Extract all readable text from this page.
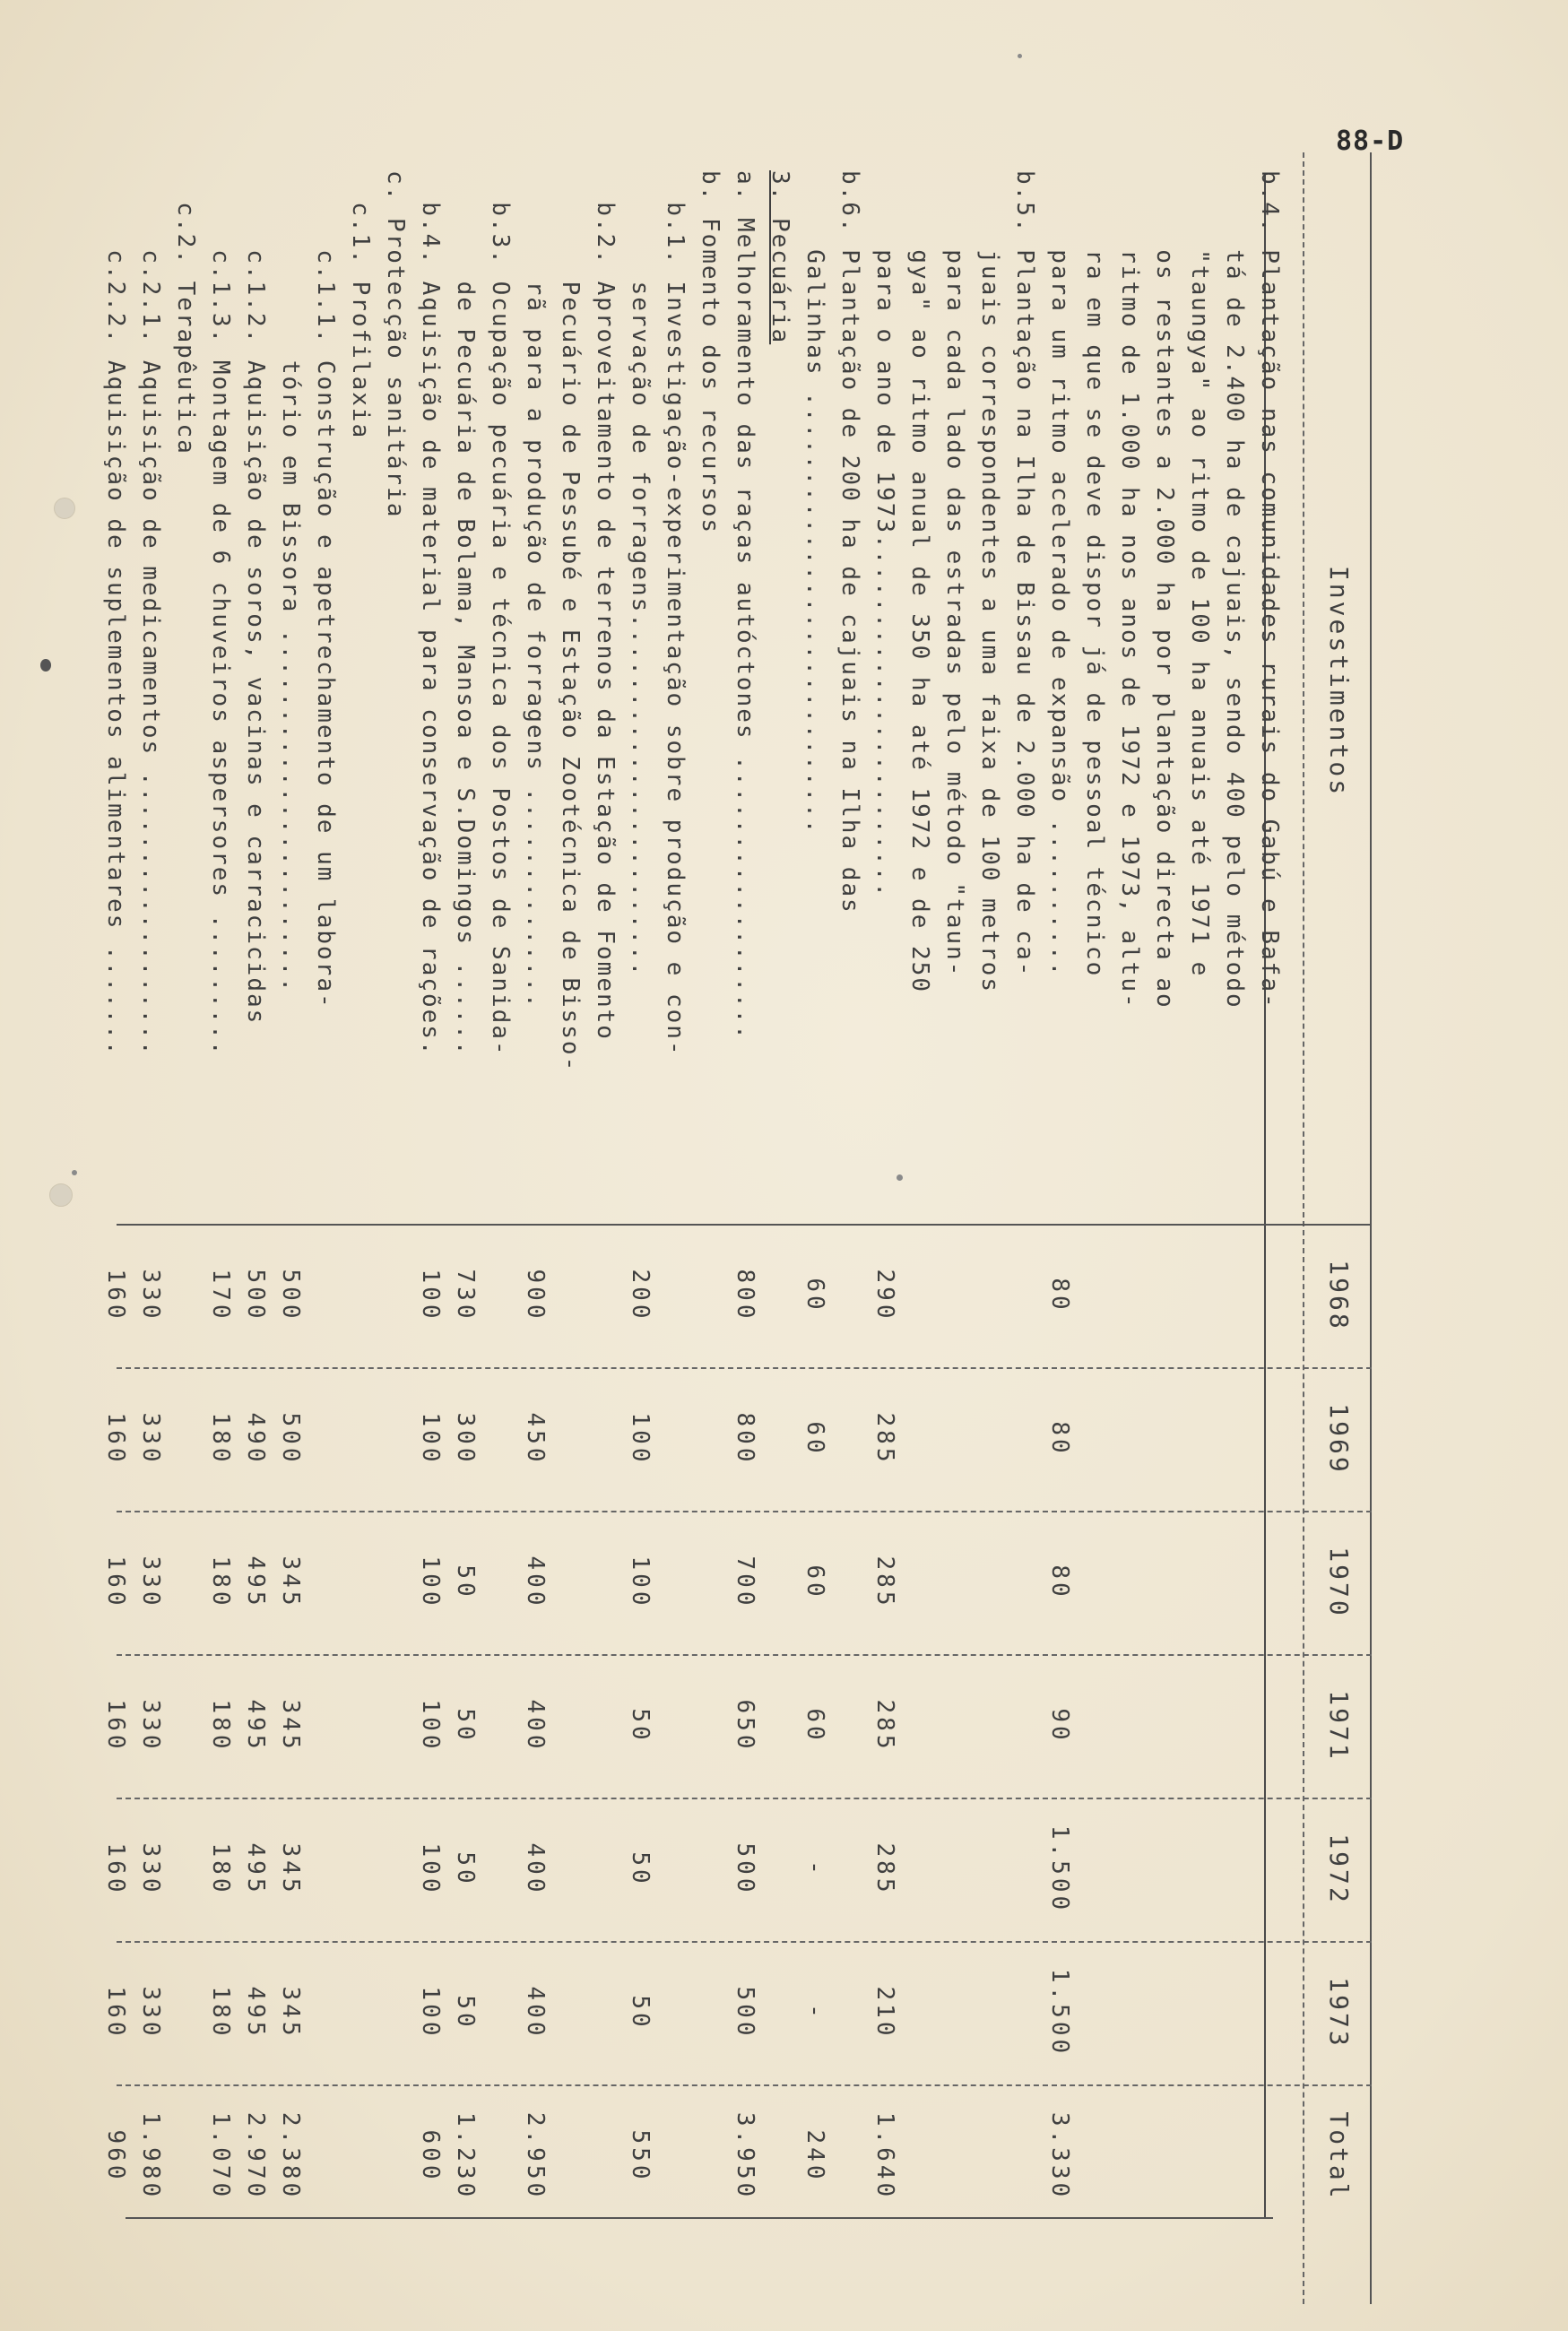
88-D
Investimentos
1968
1969
1970
1971
1972
1973
Total
b.4. Plantação nas comunidades rurais do Gabú e Bafa-
tá de 2.400 ha de cajuais, sendo 400 pelo método
"taungya" ao ritmo de 100 ha anuais até 1971 e
os restantes a 2.000 ha por plantação directa ao
ritmo de 1.000 ha nos anos de 1972 e 1973, altu-
ra em que se deve dispor já de pessoal técnico
para um ritmo acelerado de expansão ..........
80
80
80
90
1.500
1.500
3.330
b.5. Plantação na Ilha de Bissau de 2.000 ha de ca-
juais correspondentes a uma faixa de 100 metros
para cada lado das estradas pelo método "taun-
gya" ao ritmo anual de 350 ha até 1972 e de 250
para o ano de 1973.......................
290
285
285
285
285
210
1.640
b.6. Plantação de 200 ha de cajuais na Ilha das
Galinhas ............................
60
60
60
60
-
-
240
3. Pecuária
a. Melhoramento das raças autóctones ..................
800
800
700
650
500
500
3.950
b. Fomento dos recursos
b.1. Investigação-experimentação sobre produção e con-
servação de forragens.......................
200
100
100
50
50
50
550
b.2. Aproveitamento de terrenos da Estação de Fomento
Pecuário de Pessubé e Estação Zootécnica de Bisso-
rã para a produção de forragens ..............
900
450
400
400
400
400
2.950
b.3. Ocupação pecuária e técnica dos Postos de Sanida-
de Pecuária de Bolama, Mansoa e S.Domingos ......
730
300
50
50
50
50
1.230
b.4. Aquisição de material para conservação de rações.
100
100
100
100
100
100
600
c. Protecção sanitária
c.1. Profilaxia
c.1.1. Construção e apetrechamento de um labora-
tório em Bissora .......................
500
500
345
345
345
345
2.380
c.1.2. Aquisição de soros, vacinas e carracicidas
500
490
495
495
495
495
2.970
c.1.3. Montagem de 6 chuveiros aspersores .........
170
180
180
180
180
180
1.070
c.2. Terapêutica
c.2.1. Aquisição de medicamentos ..................
330
330
330
330
330
330
1.980
c.2.2. Aquisição de suplementos alimentares .......
160
160
160
160
160
160
960
